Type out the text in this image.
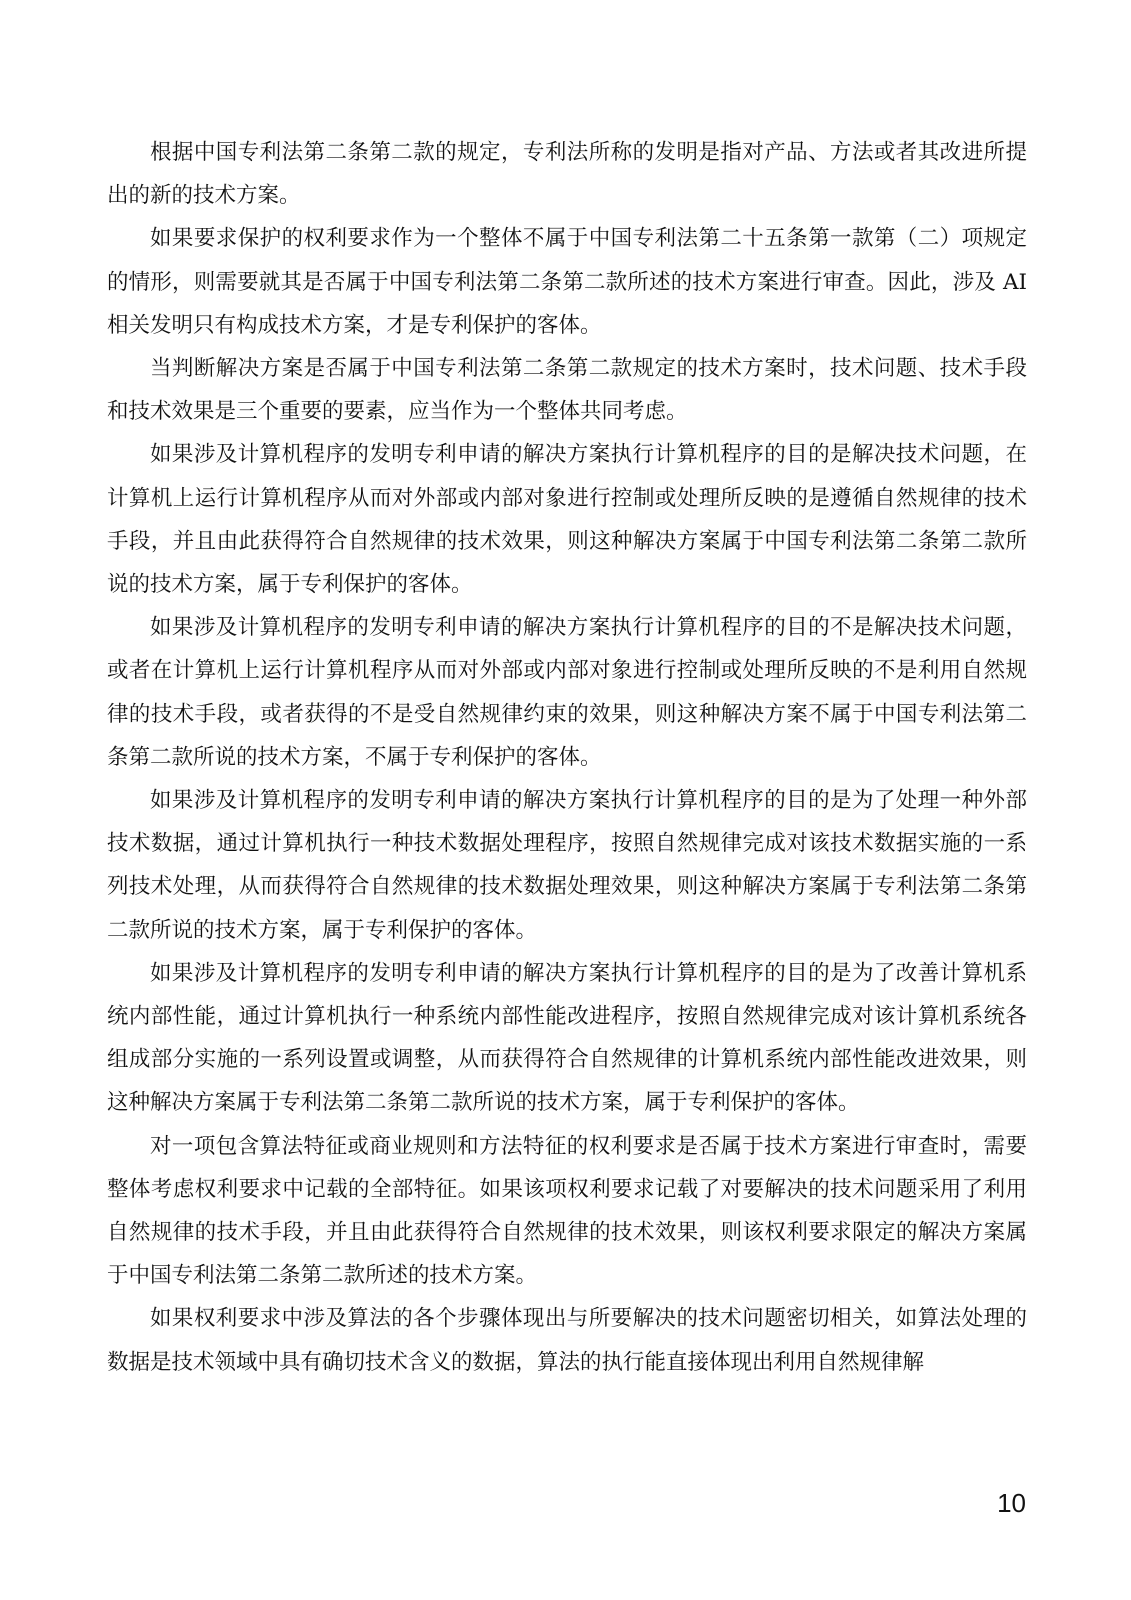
根据中国专利法第二条第二款的规定，专利法所称的发明是指对产品、方法或者其改进所提出的新的技术方案。

如果要求保护的权利要求作为一个整体不属于中国专利法第二十五条第一款第（二）项规定的情形，则需要就其是否属于中国专利法第二条第二款所述的技术方案进行审查。因此，涉及 AI 相关发明只有构成技术方案，才是专利保护的客体。

当判断解决方案是否属于中国专利法第二条第二款规定的技术方案时，技术问题、技术手段和技术效果是三个重要的要素，应当作为一个整体共同考虑。

如果涉及计算机程序的发明专利申请的解决方案执行计算机程序的目的是解决技术问题，在计算机上运行计算机程序从而对外部或内部对象进行控制或处理所反映的是遵循自然规律的技术手段，并且由此获得符合自然规律的技术效果，则这种解决方案属于中国专利法第二条第二款所说的技术方案，属于专利保护的客体。

如果涉及计算机程序的发明专利申请的解决方案执行计算机程序的目的不是解决技术问题，或者在计算机上运行计算机程序从而对外部或内部对象进行控制或处理所反映的不是利用自然规律的技术手段，或者获得的不是受自然规律约束的效果，则这种解决方案不属于中国专利法第二条第二款所说的技术方案，不属于专利保护的客体。

如果涉及计算机程序的发明专利申请的解决方案执行计算机程序的目的是为了处理一种外部技术数据，通过计算机执行一种技术数据处理程序，按照自然规律完成对该技术数据实施的一系列技术处理，从而获得符合自然规律的技术数据处理效果，则这种解决方案属于专利法第二条第二款所说的技术方案，属于专利保护的客体。

如果涉及计算机程序的发明专利申请的解决方案执行计算机程序的目的是为了改善计算机系统内部性能，通过计算机执行一种系统内部性能改进程序，按照自然规律完成对该计算机系统各组成部分实施的一系列设置或调整，从而获得符合自然规律的计算机系统内部性能改进效果，则这种解决方案属于专利法第二条第二款所说的技术方案，属于专利保护的客体。

对一项包含算法特征或商业规则和方法特征的权利要求是否属于技术方案进行审查时，需要整体考虑权利要求中记载的全部特征。如果该项权利要求记载了对要解决的技术问题采用了利用自然规律的技术手段，并且由此获得符合自然规律的技术效果，则该权利要求限定的解决方案属于中国专利法第二条第二款所述的技术方案。

如果权利要求中涉及算法的各个步骤体现出与所要解决的技术问题密切相关，如算法处理的数据是技术领域中具有确切技术含义的数据，算法的执行能直接体现出利用自然规律解

10
